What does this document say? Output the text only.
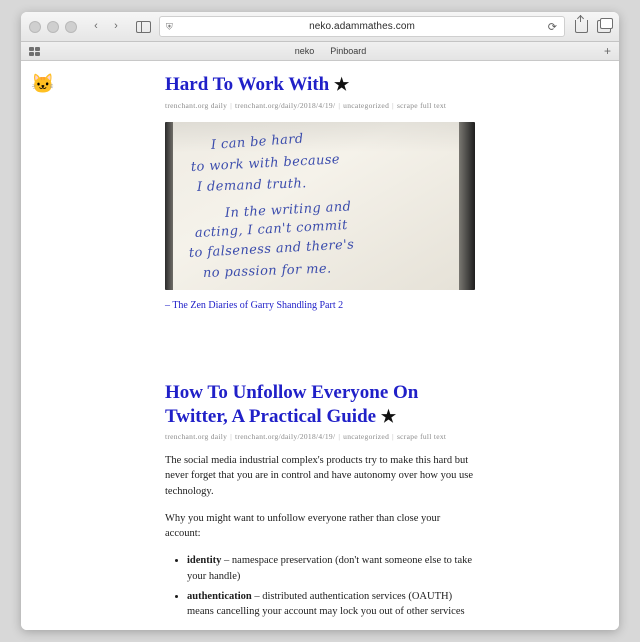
‹	›	⛨	neko.adammathes.com	⟳
neko Pinboard	+
🐱	Hard To Work With ★
trenchant.org daily | trenchant.org/daily/2018/4/19/ | uncategorized | scrape full text
I can be hard
to work with because
I demand truth.
In the writing and
acting, I can't commit
to falseness and there's
no passion for me.
– The Zen Diaries of Garry Shandling Part 2
How To Unfollow Everyone On Twitter, A Practical Guide ★
trenchant.org daily | trenchant.org/daily/2018/4/19/ | uncategorized | scrape full text

The social media industrial complex's products try to make this hard but never forget that you are in control and have autonomy over how you use technology.

Why you might want to unfollow everyone rather than close your account:

• identity – namespace preservation (don't want someone else to take your handle)
• authentication – distributed authentication services (OAUTH) means cancelling your account may lock you out of other services
